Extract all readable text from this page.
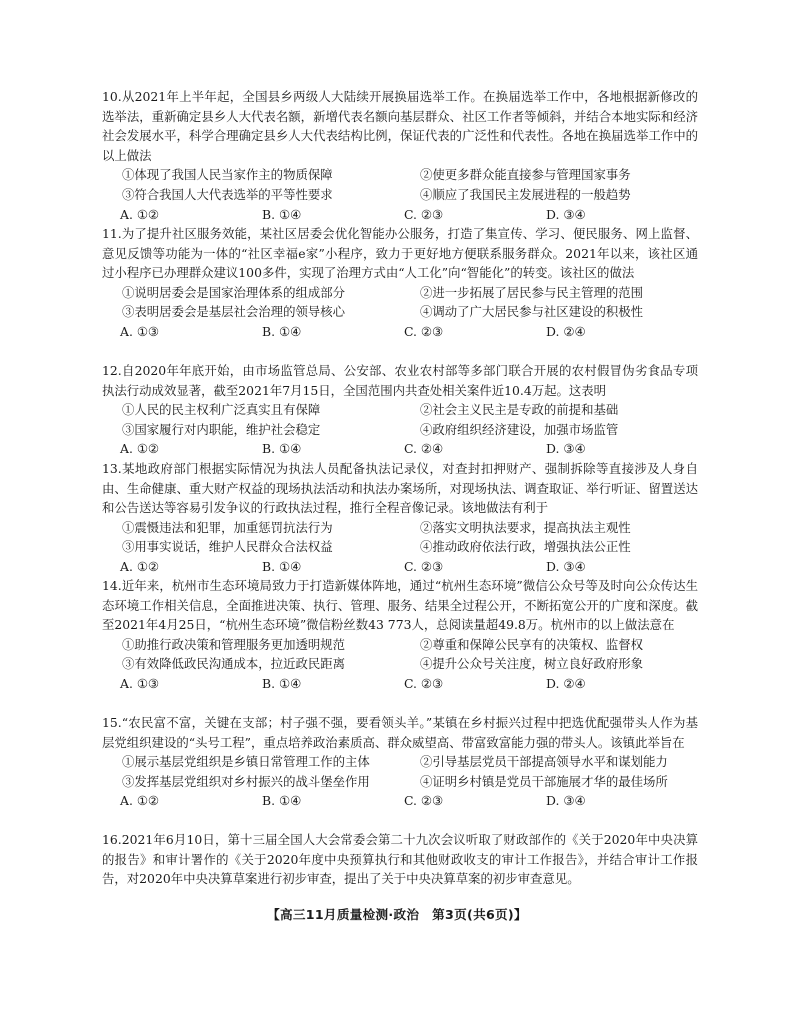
10.从2021年上半年起，全国县乡两级人大陆续开展换届选举工作。在换届选举工作中，各地根据新修改的选举法，重新确定县乡人大代表名额，新增代表名额向基层群众、社区工作者等倾斜，并结合本地实际和经济社会发展水平，科学合理确定县乡人大代表结构比例，保证代表的广泛性和代表性。各地在换届选举工作中的以上做法

①体现了我国人民当家作主的物质保障	②使更多群众能直接参与管理国家事务
③符合我国人大代表选举的平等性要求	④顺应了我国民主发展进程的一般趋势
A. ①②	B. ①④	C. ②③	D. ③④

11.为了提升社区服务效能，某社区居委会优化智能办公服务，打造了集宣传、学习、便民服务、网上监督、意见反馈等功能为一体的“社区幸福e家”小程序，致力于更好地方便联系服务群众。2021年以来，该社区通过小程序已办理群众建议100多件，实现了治理方式由“人工化”向“智能化”的转变。该社区的做法

①说明居委会是国家治理体系的组成部分	②进一步拓展了居民参与民主管理的范围
③表明居委会是基层社会治理的领导核心	④调动了广大居民参与社区建设的积极性
A. ①③	B. ①④	C. ②③	D. ②④

12.自2020年年底开始，由市场监管总局、公安部、农业农村部等多部门联合开展的农村假冒伪劣食品专项执法行动成效显著，截至2021年7月15日，全国范围内共查处相关案件近10.4万起。这表明

①人民的民主权利广泛真实且有保障	②社会主义民主是专政的前提和基础
③国家履行对内职能，维护社会稳定	④政府组织经济建设，加强市场监管
A. ①②	B. ①④	C. ②④	D. ③④

13.某地政府部门根据实际情况为执法人员配备执法记录仪，对查封扣押财产、强制拆除等直接涉及人身自由、生命健康、重大财产权益的现场执法活动和执法办案场所，对现场执法、调查取证、举行听证、留置送达和公告送达等容易引发争议的行政执法过程，推行全程音像记录。该地做法有利于

①震慑违法和犯罪，加重惩罚抗法行为	②落实文明执法要求，提高执法主观性
③用事实说话，维护人民群众合法权益	④推动政府依法行政，增强执法公正性
A. ①②	B. ①④	C. ②③	D. ③④

14.近年来，杭州市生态环境局致力于打造新媒体阵地，通过“杭州生态环境”微信公众号等及时向公众传达生态环境工作相关信息，全面推进决策、执行、管理、服务、结果全过程公开，不断拓宽公开的广度和深度。截至2021年4月25日，“杭州生态环境”微信粉丝数43 773人，总阅读量超49.8万。杭州市的以上做法意在

①助推行政决策和管理服务更加透明规范	②尊重和保障公民享有的决策权、监督权
③有效降低政民沟通成本，拉近政民距离	④提升公众号关注度，树立良好政府形象
A. ①③	B. ①④	C. ②③	D. ②④

15.“农民富不富，关键在支部；村子强不强，要看领头羊。”某镇在乡村振兴过程中把选优配强带头人作为基层党组织建设的“头号工程”，重点培养政治素质高、群众威望高、带富致富能力强的带头人。该镇此举旨在

①展示基层党组织是乡镇日常管理工作的主体	②引导基层党员干部提高领导水平和谋划能力
③发挥基层党组织对乡村振兴的战斗堡垒作用	④证明乡村镇是党员干部施展才华的最佳场所
A. ①②	B. ①④	C. ②③	D. ③④

16.2021年6月10日，第十三届全国人大会常委会第二十九次会议听取了财政部作的《关于2020年中央决算的报告》和审计署作的《关于2020年度中央预算执行和其他财政收支的审计工作报告》，并结合审计工作报告，对2020年中央决算草案进行初步审查，提出了关于中央决算草案的初步审查意见。

【高三11月质量检测·政治　第3页(共6页)】
